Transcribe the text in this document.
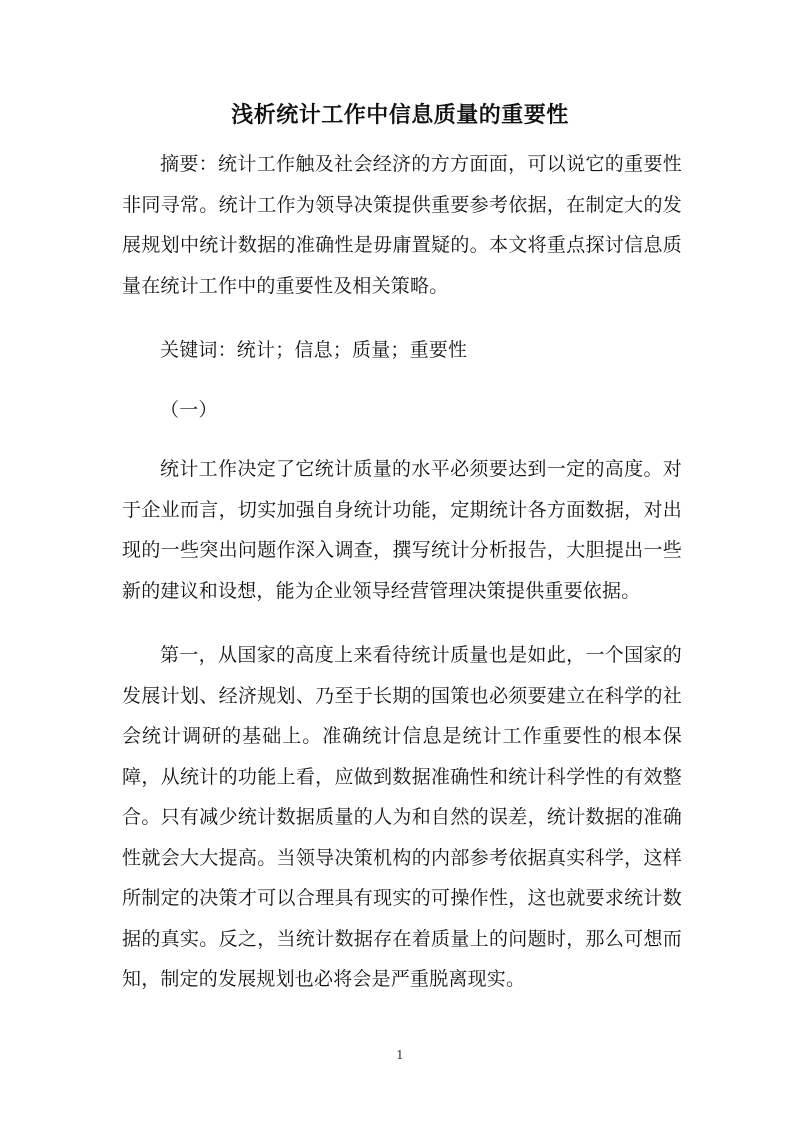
浅析统计工作中信息质量的重要性
摘要：统计工作触及社会经济的方方面面，可以说它的重要性非同寻常。统计工作为领导决策提供重要参考依据，在制定大的发展规划中统计数据的准确性是毋庸置疑的。本文将重点探讨信息质量在统计工作中的重要性及相关策略。
关键词：统计；信息；质量；重要性
（一）
统计工作决定了它统计质量的水平必须要达到一定的高度。对于企业而言，切实加强自身统计功能，定期统计各方面数据，对出现的一些突出问题作深入调查，撰写统计分析报告，大胆提出一些新的建议和设想，能为企业领导经营管理决策提供重要依据。
第一，从国家的高度上来看待统计质量也是如此，一个国家的发展计划、经济规划、乃至于长期的国策也必须要建立在科学的社会统计调研的基础上。准确统计信息是统计工作重要性的根本保障，从统计的功能上看，应做到数据准确性和统计科学性的有效整合。只有减少统计数据质量的人为和自然的误差，统计数据的准确性就会大大提高。当领导决策机构的内部参考依据真实科学，这样所制定的决策才可以合理具有现实的可操作性，这也就要求统计数据的真实。反之，当统计数据存在着质量上的问题时，那么可想而知，制定的发展规划也必将会是严重脱离现实。
1
